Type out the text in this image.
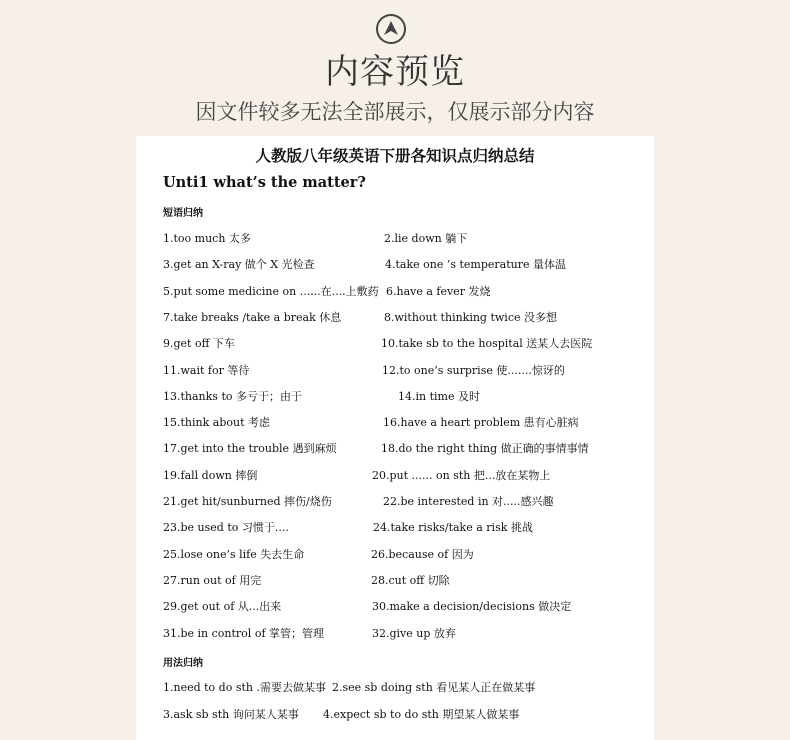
内容预览
因文件较多无法全部展示，仅展示部分内容
人教版八年级英语下册各知识点归纳总结
Unti1 what’s the matter?
短语归纳
用法归纳
1.too much 太多	2.lie down 躺下
3.get an X-ray 做个 X 光检查	4.take one ’s temperature 量体温
5.put some medicine on ......在....上敷药 6.have a fever 发烧
7.take breaks /take a break 休息	8.without thinking twice 没多想
9.get off 下车	10.take sb to the hospital 送某人去医院
11.wait for 等待	12.to one’s surprise 使.......惊讶的
13.thanks to 多亏于；由于	14.in time 及时
15.think about 考虑	16.have a heart problem 患有心脏病
17.get into the trouble 遇到麻烦	18.do the right thing 做正确的事情事情
19.fall down 摔倒	20.put ...... on sth 把...放在某物上
21.get hit/sunburned 摔伤/烧伤	22.be interested in 对.....感兴趣
23.be used to 习惯于....	24.take risks/take a risk 挑战
25.lose one’s life 失去生命	26.because of 因为
27.run out of 用完	28.cut off 切除
29.get out of 从...出来	30.make a decision/decisions 做决定
31.be in control of 掌管；管理	32.give up 放弃
1.need to do sth .需要去做某事 2.see sb doing sth 看见某人正在做某事
3.ask sb sth 询问某人某事 4.expect sb to do sth 期望某人做某事
